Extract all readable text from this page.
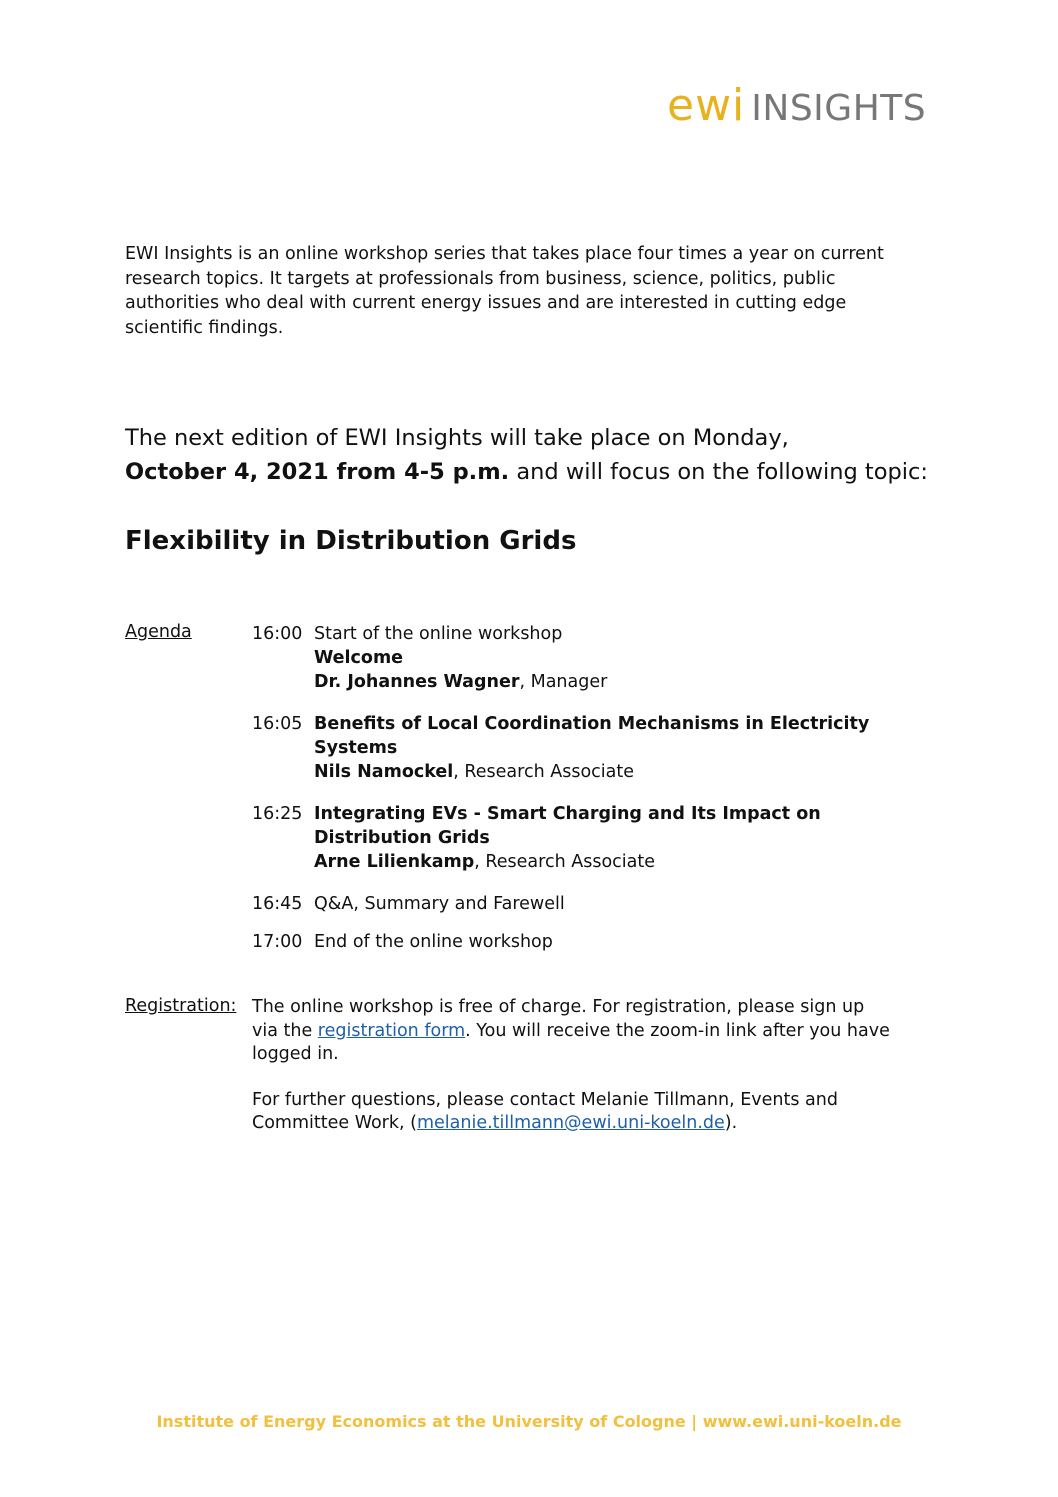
ewi INSIGHTS
EWI Insights is an online workshop series that takes place four times a year on current research topics. It targets at professionals from business, science, politics, public authorities who deal with current energy issues and are interested in cutting edge scientific findings.
The next edition of EWI Insights will take place on Monday,
October 4, 2021 from 4-5 p.m. and will focus on the following topic:
Flexibility in Distribution Grids
Agenda	16:00 Start of the online workshop
Welcome
Dr. Johannes Wagner, Manager
16:05 Benefits of Local Coordination Mechanisms in Electricity Systems
Nils Namockel, Research Associate
16:25 Integrating EVs - Smart Charging and Its Impact on Distribution Grids
Arne Lilienkamp, Research Associate
16:45 Q&A, Summary and Farewell
17:00 End of the online workshop
Registration: The online workshop is free of charge. For registration, please sign up via the registration form. You will receive the zoom-in link after you have logged in.

For further questions, please contact Melanie Tillmann, Events and Committee Work, (melanie.tillmann@ewi.uni-koeln.de).

Institute of Energy Economics at the University of Cologne | www.ewi.uni-koeln.de
